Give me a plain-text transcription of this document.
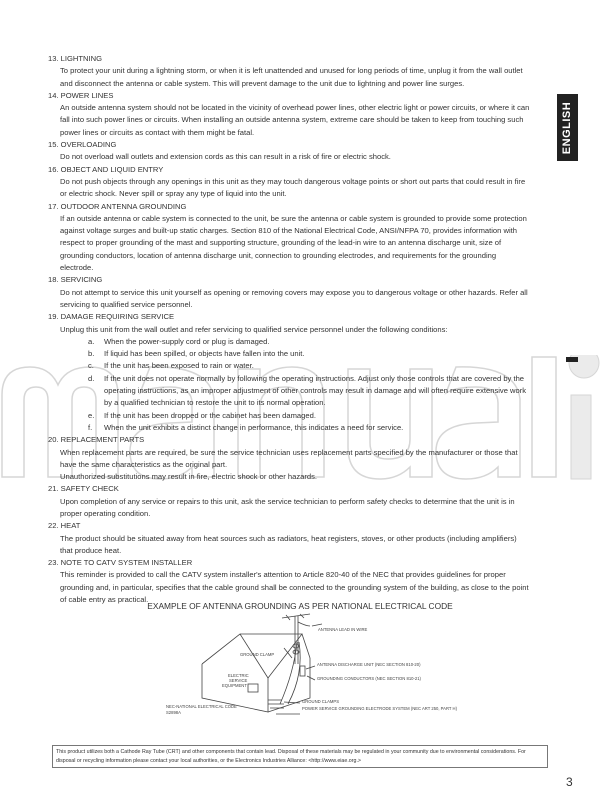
ENGLISH
13. LIGHTNING

To protect your unit during a lightning storm, or when it is left unattended and unused for long periods of time, unplug it from the wall outlet and disconnect the antenna or cable system. This will prevent damage to the unit due to lightning and power line surges.

14. POWER LINES

An outside antenna system should not be located in the vicinity of overhead power lines, other electric light or power circuits, or where it can fall into such power lines or circuits. When installing an outside antenna system, extreme care should be taken to keep from touching such power lines or circuits as contact with them might be fatal.

15. OVERLOADING

Do not overload wall outlets and extension cords as this can result in a risk of fire or electric shock.

16. OBJECT AND LIQUID ENTRY

Do not push objects through any openings in this unit as they may touch dangerous voltage points or short out parts that could result in fire or electric shock. Never spill or spray any type of liquid into the unit.

17. OUTDOOR ANTENNA GROUNDING

If an outside antenna or cable system is connected to the unit, be sure the antenna or cable system is grounded to provide some protection against voltage surges and built-up static charges. Section 810 of the National Electrical Code, ANSI/NFPA 70, provides information with respect to proper grounding of the mast and supporting structure, grounding of the lead-in wire to an antenna discharge unit, size of grounding conductors, location of antenna discharge unit, connection to grounding electrodes, and requirements for the grounding electrode.

18. SERVICING

Do not attempt to service this unit yourself as opening or removing covers may expose you to dangerous voltage or other hazards. Refer all servicing to qualified service personnel.

19. DAMAGE REQUIRING SERVICE

Unplug this unit from the wall outlet and refer servicing to qualified service personnel under the following conditions:

a.	When the power-supply cord or plug is damaged.
b.	If liquid has been spilled, or objects have fallen into the unit.
c.	If the unit has been exposed to rain or water.
d.	If the unit does not operate normally by following the operating instructions. Adjust only those controls that are covered by the operating instructions, as an improper adjustment of other controls may result in damage and will often require extensive work by a qualified technician to restore the unit to its normal operation.
e.	If the unit has been dropped or the cabinet has been damaged.
f.	When the unit exhibits a distinct change in performance, this indicates a need for service.
20. REPLACEMENT PARTS

When replacement parts are required, be sure the service technician uses replacement parts specified by the manufacturer or those that have the same characteristics as the original part.

Unauthorized substitutions may result in fire, electric shock or other hazards.

21. SAFETY CHECK

Upon completion of any service or repairs to this unit, ask the service technician to perform safety checks to determine that the unit is in proper operating condition.

22. HEAT

The product should be situated away from heat sources such as radiators, heat registers, stoves, or other products (including amplifiers) that produce heat.

23. NOTE TO CATV SYSTEM INSTALLER

This reminder is provided to call the CATV system installer's attention to Article 820-40 of the NEC that provides guidelines for proper grounding and, in particular, specifies that the cable ground shall be connected to the grounding system of the building, as close to the point of cable entry as practical.

EXAMPLE OF ANTENNA GROUNDING AS PER NATIONAL ELECTRICAL CODE
ANTENNA LEAD IN WIRE
GROUND CLAMP
ANTENNA DISCHARGE UNIT (NEC SECTION 810-20)
ELECTRIC
SERVICE
EQUIPMENT
GROUNDING CONDUCTORS (NEC SECTION 810-21)
GROUND CLAMPS
POWER SERVICE GROUNDING ELECTRODE SYSTEM (NEC ART 250, PART H)
NEC-NATIONAL ELECTRICAL CODE
S2898A
This product utilizes both a Cathode Ray Tube (CRT) and other components that contain lead. Disposal of these materials may be regulated in your community due to environmental considerations. For disposal or recycling information please contact your local authorities, or the Electronics Industries Alliance: <http://www.eiae.org.>
3
